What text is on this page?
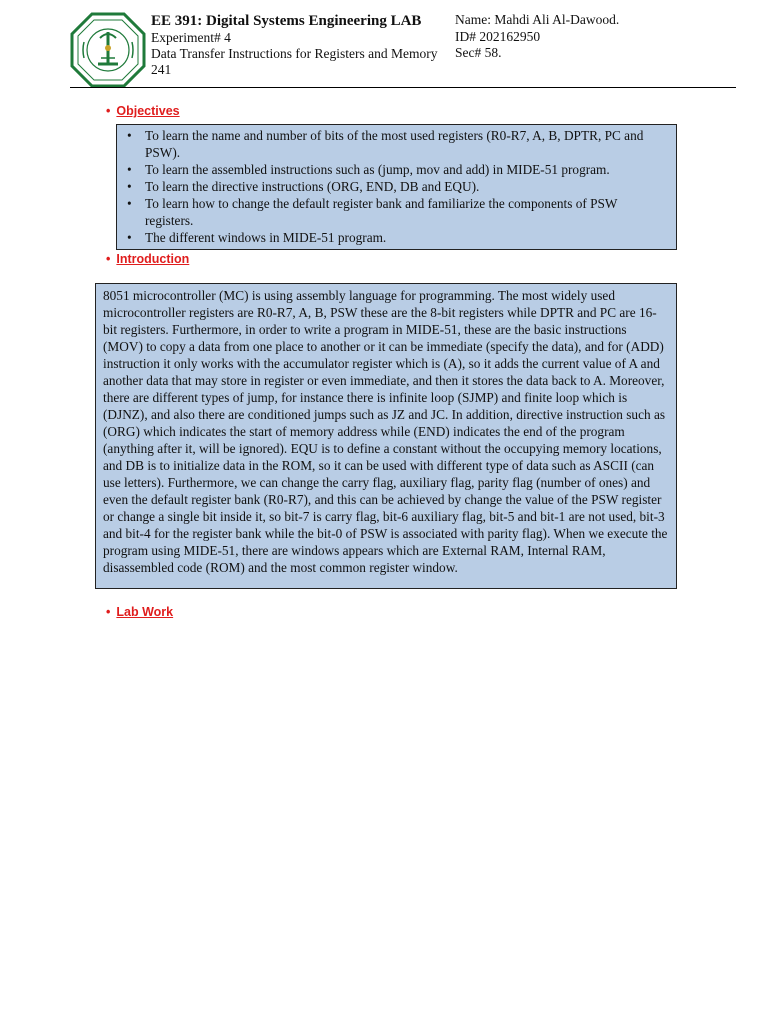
EE 391: Digital Systems Engineering LAB
Experiment# 4
Data Transfer Instructions for Registers and Memory
241
Name: Mahdi Ali Al-Dawood.
ID# 202162950
Sec# 58.
• Objectives
• To learn the name and number of bits of the most used registers (R0-R7, A, B, DPTR, PC and PSW).
• To learn the assembled instructions such as (jump, mov and add) in MIDE-51 program.
• To learn the directive instructions (ORG, END, DB and EQU).
• To learn how to change the default register bank and familiarize the components of PSW registers.
• The different windows in MIDE-51 program.
• Introduction
8051 microcontroller (MC) is using assembly language for programming. The most widely used microcontroller registers are R0-R7, A, B, PSW these are the 8-bit registers while DPTR and PC are 16-bit registers. Furthermore, in order to write a program in MIDE-51, these are the basic instructions (MOV) to copy a data from one place to another or it can be immediate (specify the data), and for (ADD) instruction it only works with the accumulator register which is (A), so it adds the current value of A and another data that may store in register or even immediate, and then it stores the data back to A. Moreover, there are different types of jump, for instance there is infinite loop (SJMP) and finite loop which is (DJNZ), and also there are conditioned jumps such as JZ and JC. In addition, directive instruction such as (ORG) which indicates the start of memory address while (END) indicates the end of the program (anything after it, will be ignored). EQU is to define a constant without the occupying memory locations, and DB is to initialize data in the ROM, so it can be used with different type of data such as ASCII (can use letters). Furthermore, we can change the carry flag, auxiliary flag, parity flag (number of ones) and even the default register bank (R0-R7), and this can be achieved by change the value of the PSW register or change a single bit inside it, so bit-7 is carry flag, bit-6 auxiliary flag, bit-5 and bit-1 are not used, bit-3 and bit-4 for the register bank while the bit-0 of PSW is associated with parity flag). When we execute the program using MIDE-51, there are windows appears which are External RAM, Internal RAM, disassembled code (ROM) and the most common register window.
• Lab Work
